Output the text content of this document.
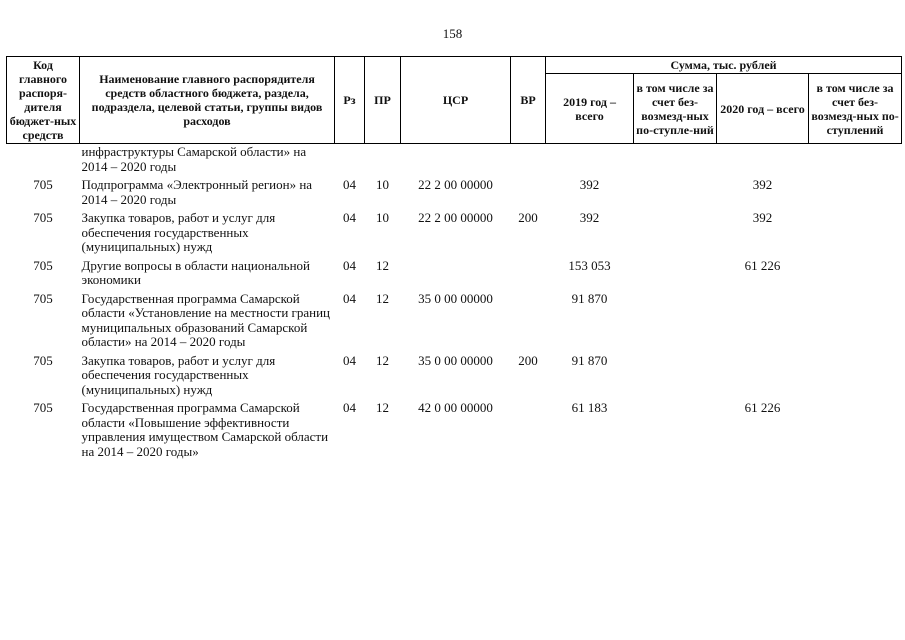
158
Код главного распоря-дителя бюджет-ных средств	Наименование главного распорядителя средств областного бюджета, раздела, подраздела, целевой статьи, группы видов расходов	Рз	ПР	ЦСР	ВР	Сумма, тыс. рублей			
						2019 год – всего	в том числе за счет без-возмезд-ных по-ступле-ний	2020 год – всего	в том числе за счет без-возмезд-ных по-ступлений
	инфраструктуры Самарской области» на 2014 – 2020 годы								
705	Подпрограмма «Электронный регион» на 2014 – 2020 годы	04	10	22 2 00 00000		392		392	
705	Закупка товаров, работ и услуг для обеспечения государственных (муниципальных) нужд	04	10	22 2 00 00000	200	392		392	
705	Другие вопросы в области национальной экономики	04	12			153 053		61 226	
705	Государственная программа Самарской области «Установление на местности границ муниципальных образований Самарской области» на 2014 – 2020 годы	04	12	35 0 00 00000		91 870			
705	Закупка товаров, работ и услуг для обеспечения государственных (муниципальных) нужд	04	12	35 0 00 00000	200	91 870			
705	Государственная программа Самарской области «Повышение эффективности управления имуществом Самарской области на 2014 – 2020 годы»	04	12	42 0 00 00000		61 183		61 226	
